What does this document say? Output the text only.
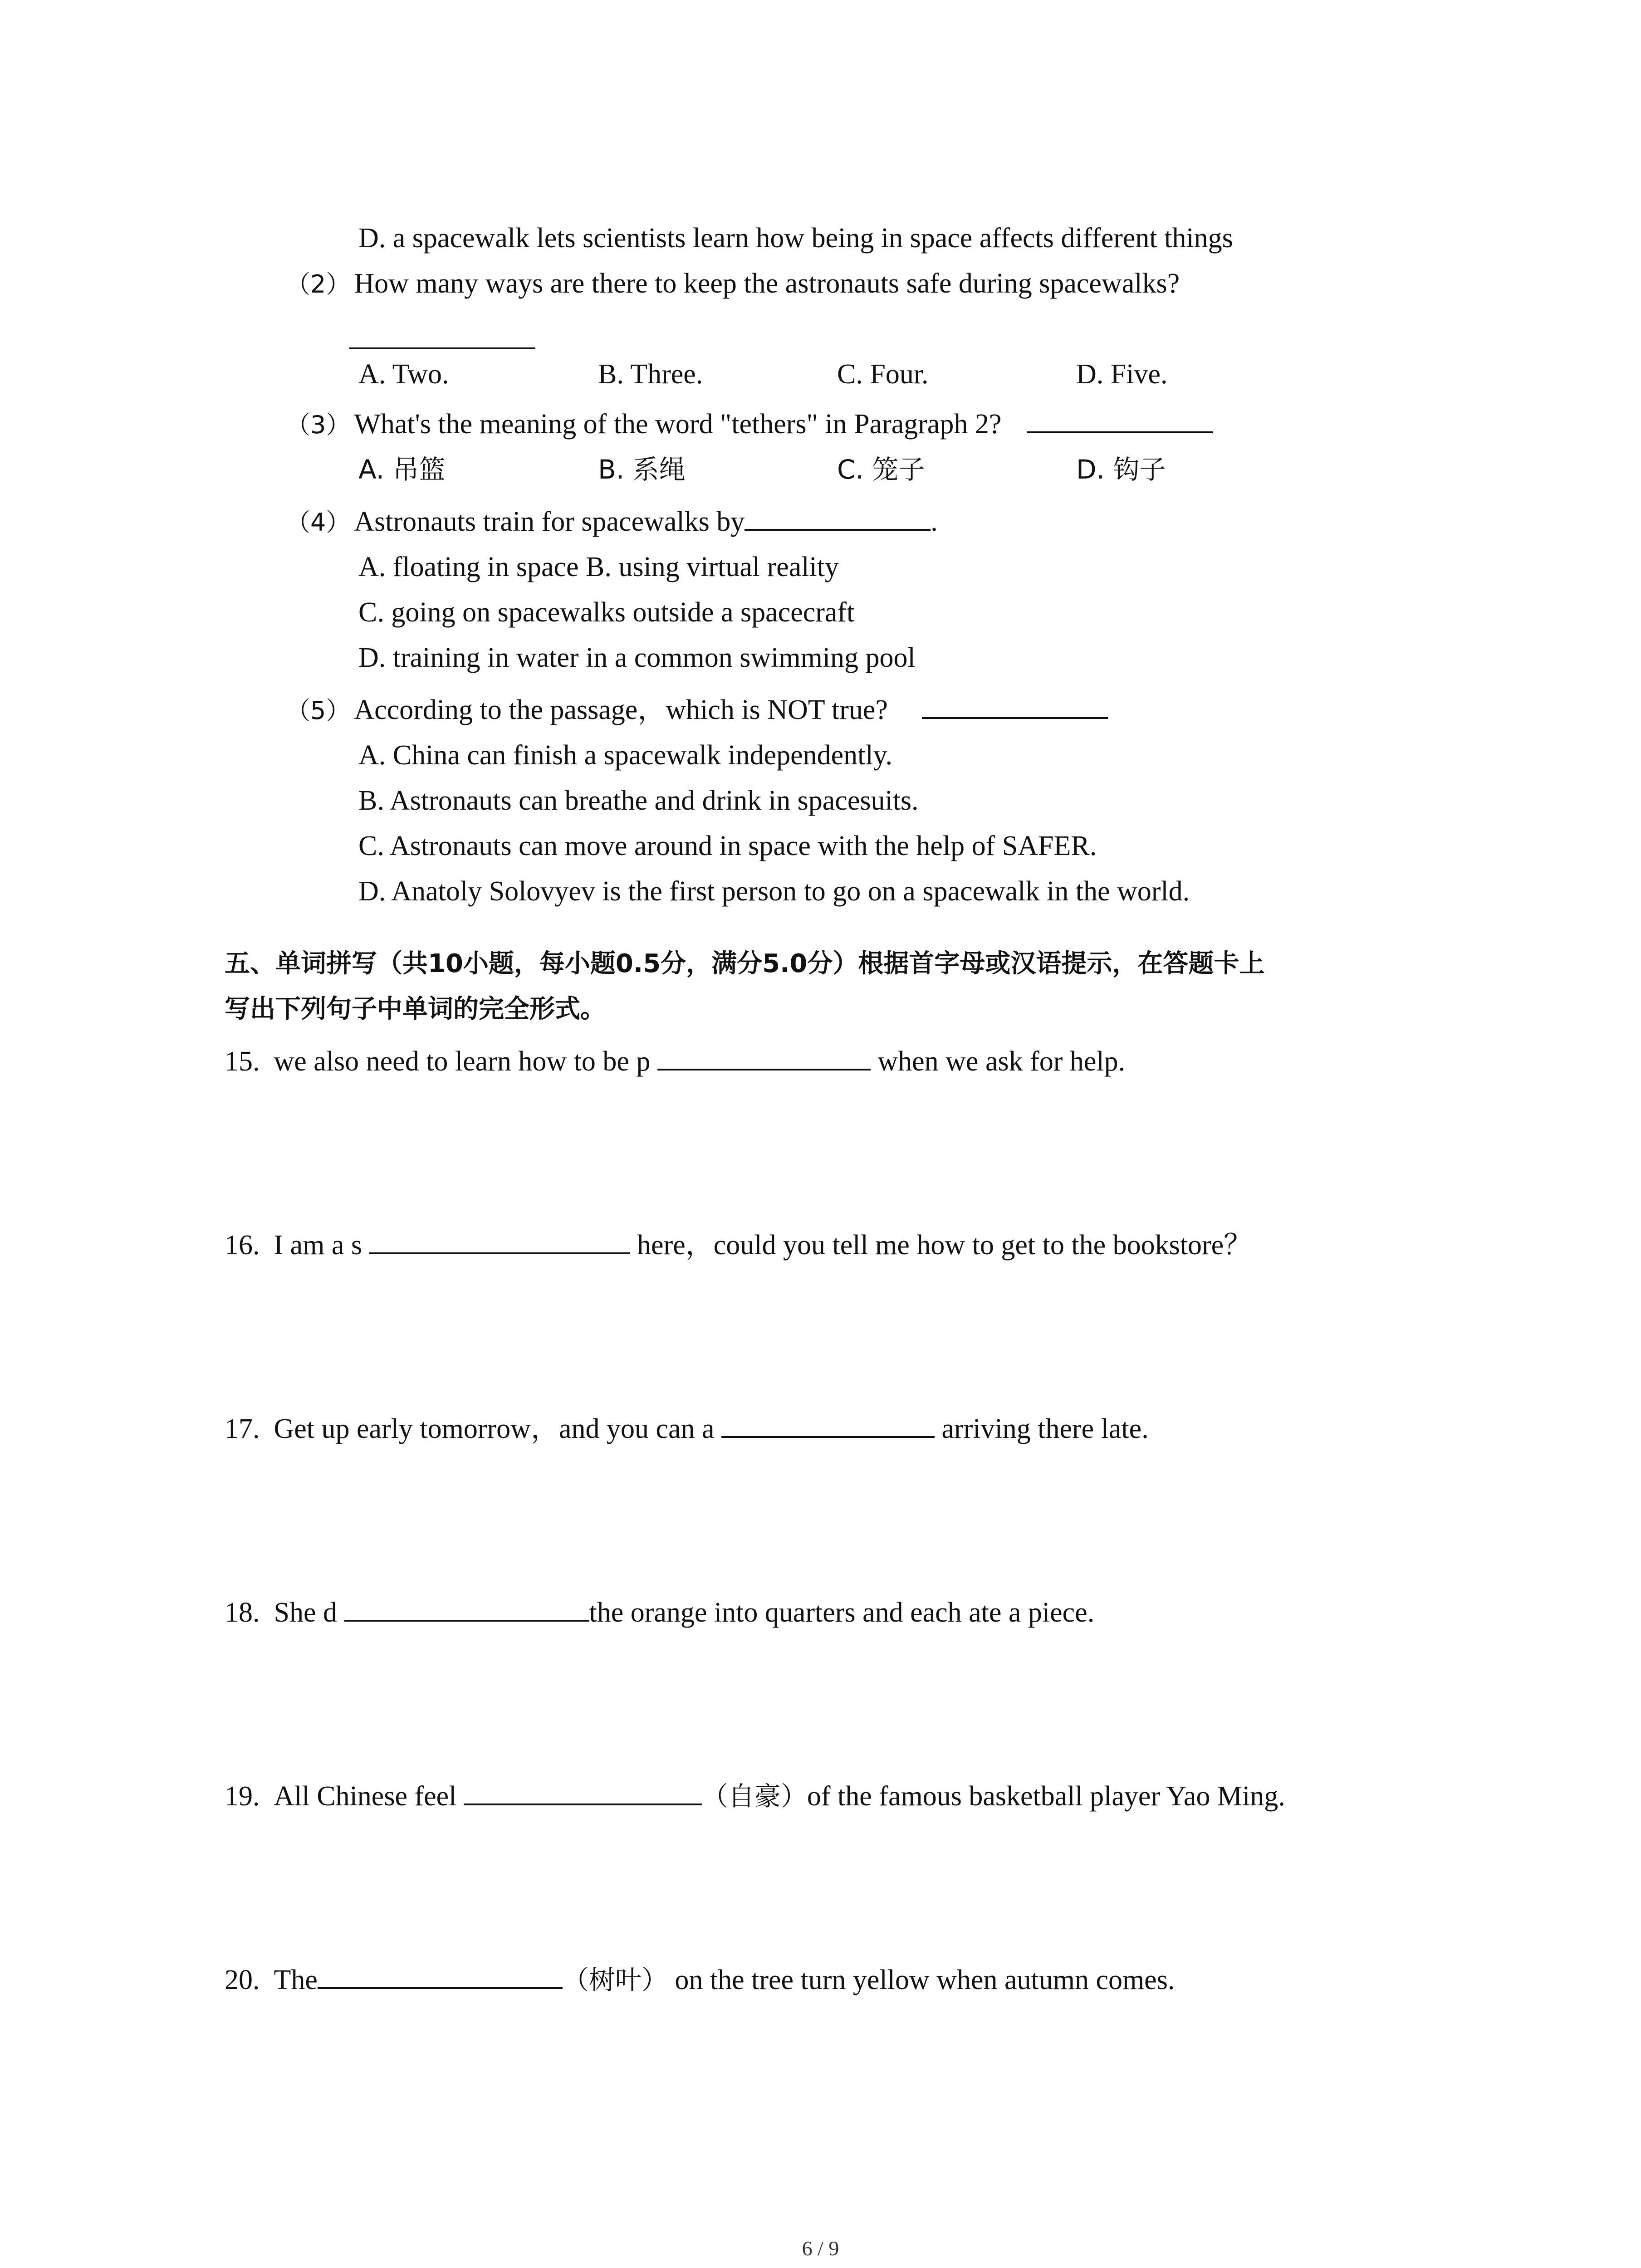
D. a spacewalk lets scientists learn how being in space affects different things
（2） How many ways are there to keep the astronauts safe during spacewalks?
A. Two.	B. Three.	C. Four.	D. Five.
（3） What's the meaning of the word "tethers" in Paragraph 2?
A. 吊篮	B. 系绳	C. 笼子	D. 钩子
（4） Astronauts train for spacewalks by	.
A. floating in space B. using virtual reality
C. going on spacewalks outside a spacecraft
D. training in water in a common swimming pool
（5） According to the passage，which is NOT true?
A. China can finish a spacewalk independently.
B. Astronauts can breathe and drink in spacesuits.
C. Astronauts can move around in space with the help of SAFER.
D. Anatoly Solovyev is the first person to go on a spacewalk in the world.
五、单词拼写（共10小题，每小题0.5分，满分5.0分）根据首字母或汉语提示，在答题卡上
写出下列句子中单词的完全形式。
15. we also need to learn how to be p	when we ask for help.
16. I am a s	here，could you tell me how to get to the bookstore？
17. Get up early tomorrow，and you can a	arriving there late.
18. She d	the orange into quarters and each ate a piece.
19. All Chinese feel	（自豪）of the famous basketball player Yao Ming.
20. The	（树叶） on the tree turn yellow when autumn comes.
6 / 9
